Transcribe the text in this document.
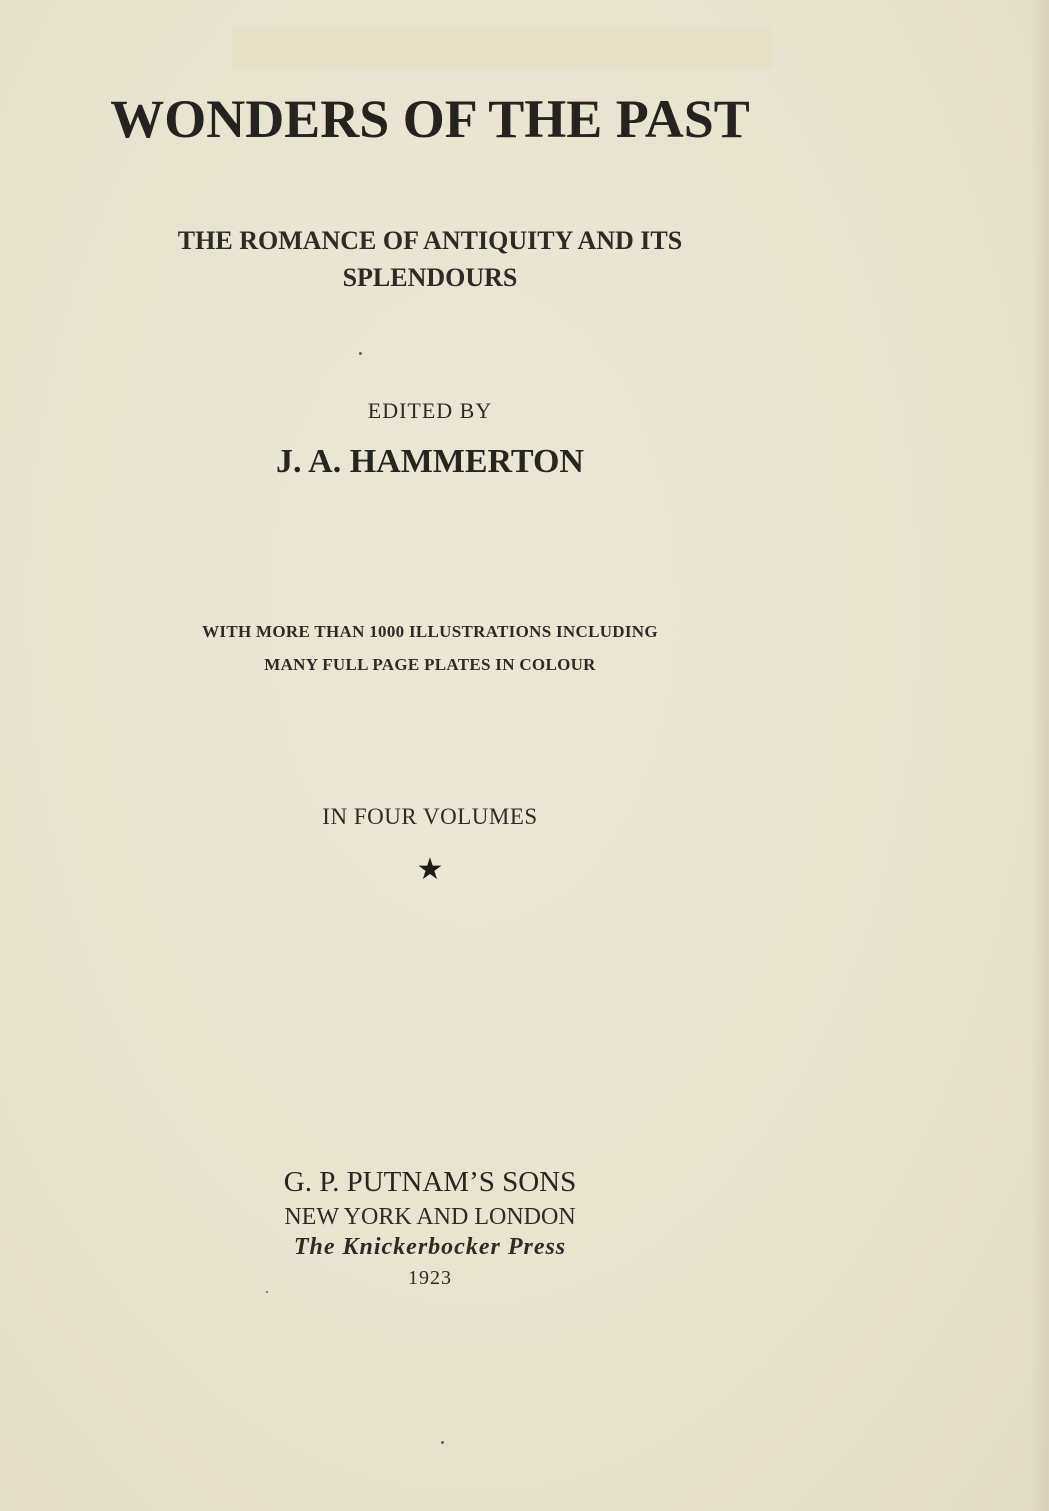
WONDERS OF THE PAST
THE ROMANCE OF ANTIQUITY AND ITS
SPLENDOURS
EDITED BY
J. A. HAMMERTON
WITH MORE THAN 1000 ILLUSTRATIONS INCLUDING
MANY FULL PAGE PLATES IN COLOUR
IN FOUR VOLUMES
★
G. P. PUTNAM’S SONS
NEW YORK AND LONDON
The Knickerbocker Press
1923
